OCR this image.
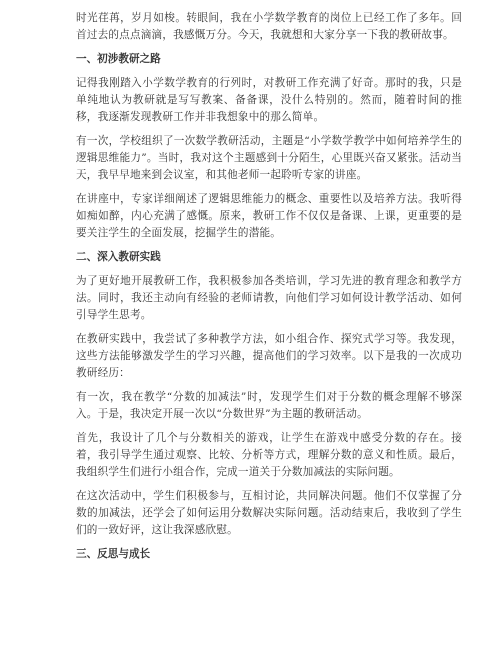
时光荏苒，岁月如梭。转眼间，我在小学数学教育的岗位上已经工作了多年。回首过去的点点滴滴，我感慨万分。今天，我就想和大家分享一下我的教研故事。

一、初涉教研之路

记得我刚踏入小学数学教育的行列时，对教研工作充满了好奇。那时的我，只是单纯地认为教研就是写写教案、备备课，没什么特别的。然而，随着时间的推移，我逐渐发现教研工作并非我想象中的那么简单。

有一次，学校组织了一次数学教研活动，主题是“小学数学教学中如何培养学生的逻辑思维能力”。当时，我对这个主题感到十分陌生，心里既兴奋又紧张。活动当天，我早早地来到会议室，和其他老师一起聆听专家的讲座。

在讲座中，专家详细阐述了逻辑思维能力的概念、重要性以及培养方法。我听得如痴如醉，内心充满了感慨。原来，教研工作不仅仅是备课、上课，更重要的是要关注学生的全面发展，挖掘学生的潜能。

二、深入教研实践

为了更好地开展教研工作，我积极参加各类培训，学习先进的教育理念和教学方法。同时，我还主动向有经验的老师请教，向他们学习如何设计教学活动、如何引导学生思考。

在教研实践中，我尝试了多种教学方法，如小组合作、探究式学习等。我发现，这些方法能够激发学生的学习兴趣，提高他们的学习效率。以下是我的一次成功教研经历：

有一次，我在教学“分数的加减法”时，发现学生们对于分数的概念理解不够深入。于是，我决定开展一次以“分数世界”为主题的教研活动。

首先，我设计了几个与分数相关的游戏，让学生在游戏中感受分数的存在。接着，我引导学生通过观察、比较、分析等方式，理解分数的意义和性质。最后，我组织学生们进行小组合作，完成一道关于分数加减法的实际问题。

在这次活动中，学生们积极参与，互相讨论，共同解决问题。他们不仅掌握了分数的加减法，还学会了如何运用分数解决实际问题。活动结束后，我收到了学生们的一致好评，这让我深感欣慰。

三、反思与成长
